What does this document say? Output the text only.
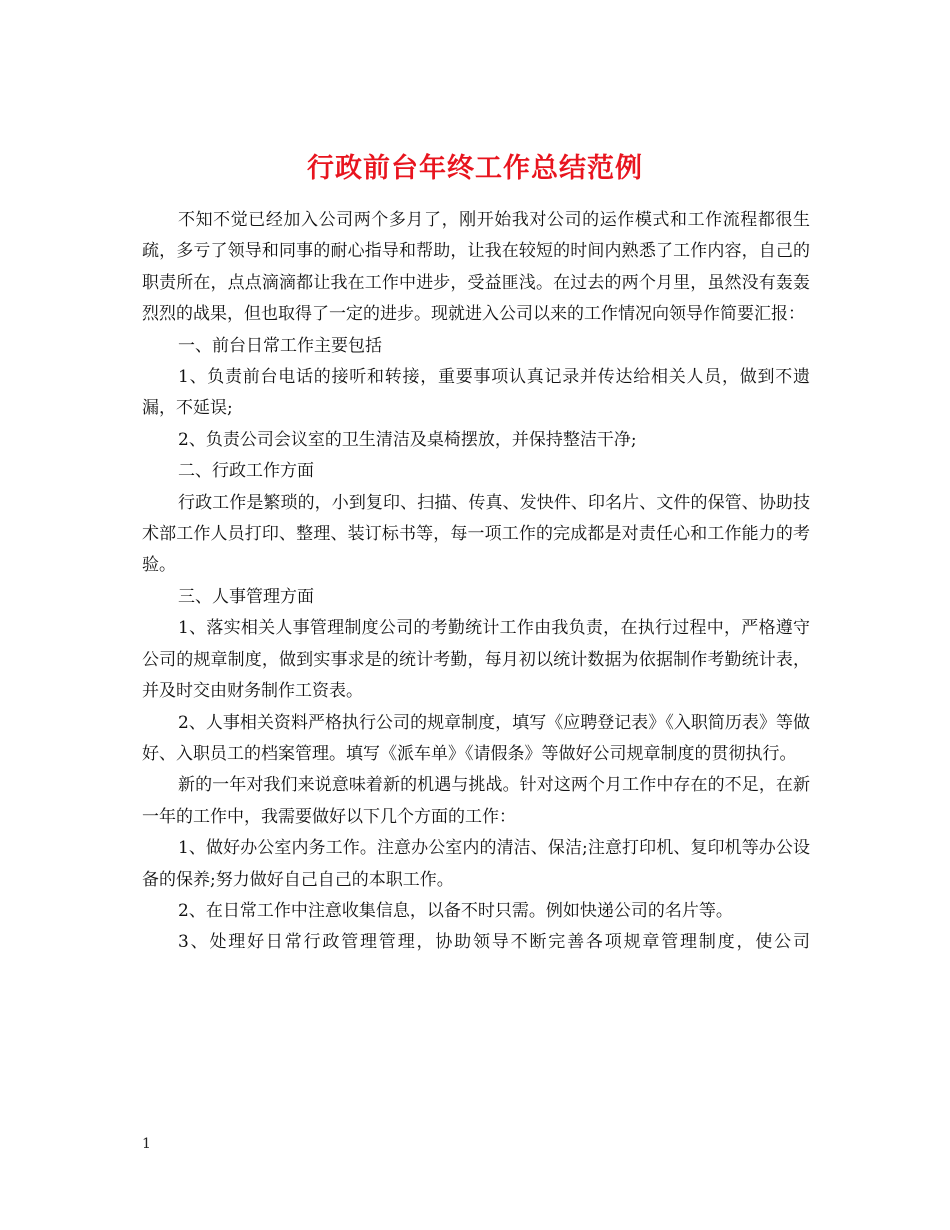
行政前台年终工作总结范例

不知不觉已经加入公司两个多月了，刚开始我对公司的运作模式和工作流程都很生疏，多亏了领导和同事的耐心指导和帮助，让我在较短的时间内熟悉了工作内容，自己的职责所在，点点滴滴都让我在工作中进步，受益匪浅。在过去的两个月里，虽然没有轰轰烈烈的战果，但也取得了一定的进步。现就进入公司以来的工作情况向领导作简要汇报：

一、前台日常工作主要包括

1、负责前台电话的接听和转接，重要事项认真记录并传达给相关人员，做到不遗漏，不延误;

2、负责公司会议室的卫生清洁及桌椅摆放，并保持整洁干净;

二、行政工作方面

行政工作是繁琐的，小到复印、扫描、传真、发快件、印名片、文件的保管、协助技术部工作人员打印、整理、装订标书等，每一项工作的完成都是对责任心和工作能力的考验。

三、人事管理方面

1、落实相关人事管理制度公司的考勤统计工作由我负责，在执行过程中，严格遵守公司的规章制度，做到实事求是的统计考勤，每月初以统计数据为依据制作考勤统计表，并及时交由财务制作工资表。

2、人事相关资料严格执行公司的规章制度，填写《应聘登记表》《入职简历表》等做好、入职员工的档案管理。填写《派车单》《请假条》等做好公司规章制度的贯彻执行。

新的一年对我们来说意味着新的机遇与挑战。针对这两个月工作中存在的不足，在新一年的工作中，我需要做好以下几个方面的工作：

1、做好办公室内务工作。注意办公室内的清洁、保洁;注意打印机、复印机等办公设备的保养;努力做好自己自己的本职工作。

2、在日常工作中注意收集信息，以备不时只需。例如快递公司的名片等。

3、处理好日常行政管理管理，协助领导不断完善各项规章管理制度，使公司

1
